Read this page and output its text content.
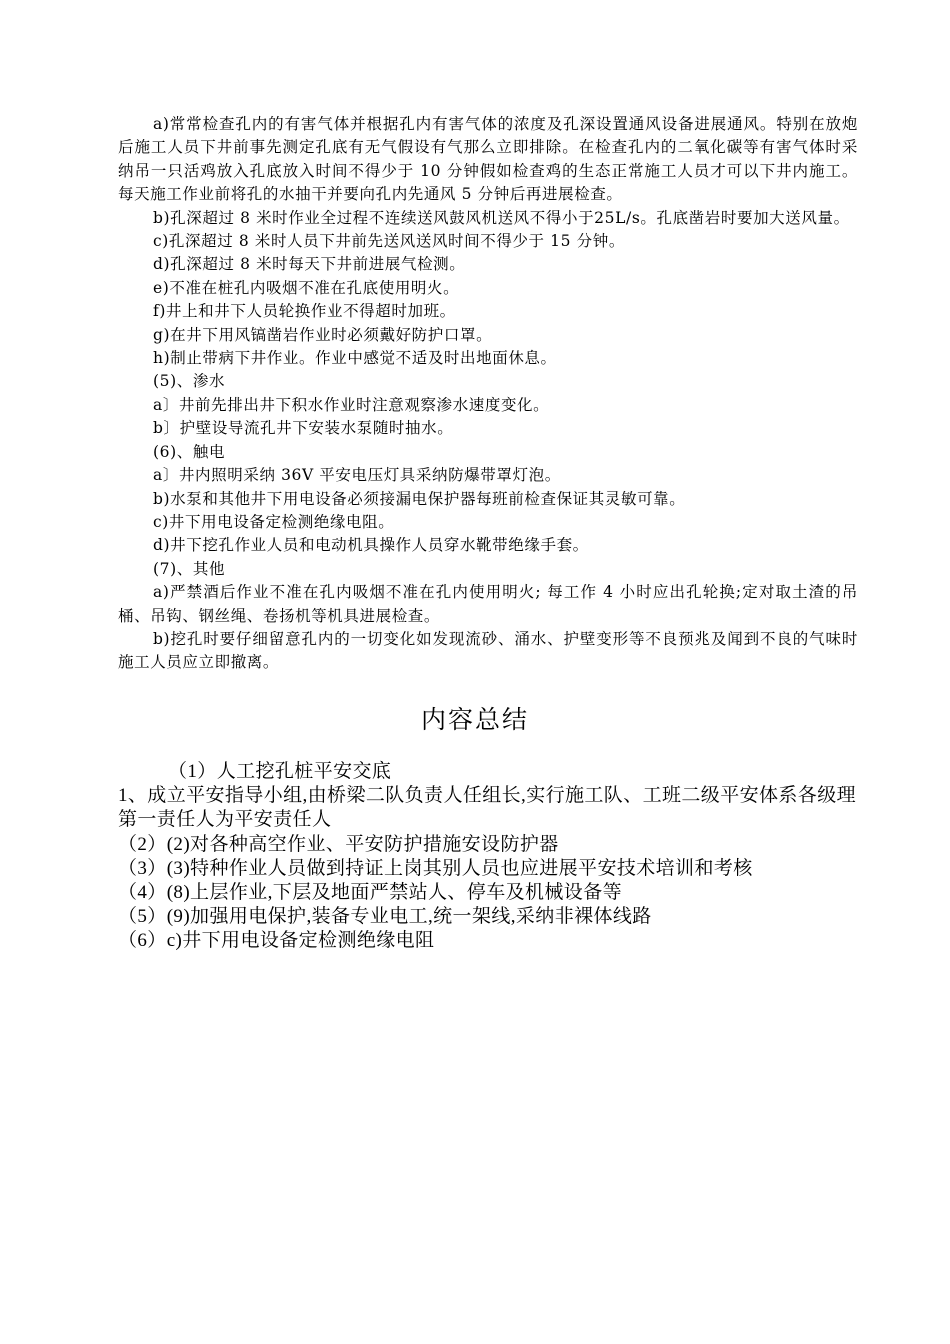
a)常常检查孔内的有害气体并根据孔内有害气体的浓度及孔深设置通风设备进展通风。特别在放炮后施工人员下井前事先测定孔底有无气假设有气那么立即排除。在检查孔内的二氧化碳等有害气体时采纳吊一只活鸡放入孔底放入时间不得少于 10 分钟假如检查鸡的生态正常施工人员才可以下井内施工。每天施工作业前将孔的水抽干并要向孔内先通风 5 分钟后再进展检查。

b)孔深超过 8 米时作业全过程不连续送风鼓风机送风不得小于25L/s。孔底凿岩时要加大送风量。

c)孔深超过 8 米时人员下井前先送风送风时间不得少于 15 分钟。

d)孔深超过 8 米时每天下井前进展气检测。

e)不准在桩孔内吸烟不准在孔底使用明火。

f)井上和井下人员轮换作业不得超时加班。

g)在井下用风镐凿岩作业时必须戴好防护口罩。

h)制止带病下井作业。作业中感觉不适及时出地面休息。

(5)、渗水

a〕井前先排出井下积水作业时注意观察渗水速度变化。

b〕护壁设导流孔井下安装水泵随时抽水。

(6)、触电

a〕井内照明采纳 36V 平安电压灯具采纳防爆带罩灯泡。

b)水泵和其他井下用电设备必须接漏电保护器每班前检查保证其灵敏可靠。

c)井下用电设备定检测绝缘电阻。

d)井下挖孔作业人员和电动机具操作人员穿水靴带绝缘手套。

(7)、其他

a)严禁酒后作业不准在孔内吸烟不准在孔内使用明火; 每工作 4 小时应出孔轮换;定对取土渣的吊桶、吊钩、钢丝绳、卷扬机等机具进展检查。

b)挖孔时要仔细留意孔内的一切变化如发现流砂、涌水、护壁变形等不良预兆及闻到不良的气味时施工人员应立即撤离。

内容总结

（1）人工挖孔桩平安交底

1、成立平安指导小组,由桥梁二队负责人任组长,实行施工队、工班二级平安体系各级理第一责任人为平安责任人

（2）(2)对各种高空作业、平安防护措施安设防护器

（3）(3)特种作业人员做到持证上岗其别人员也应进展平安技术培训和考核

（4）(8)上层作业,下层及地面严禁站人、停车及机械设备等

（5）(9)加强用电保护,装备专业电工,统一架线,采纳非裸体线路

（6）c)井下用电设备定检测绝缘电阻
